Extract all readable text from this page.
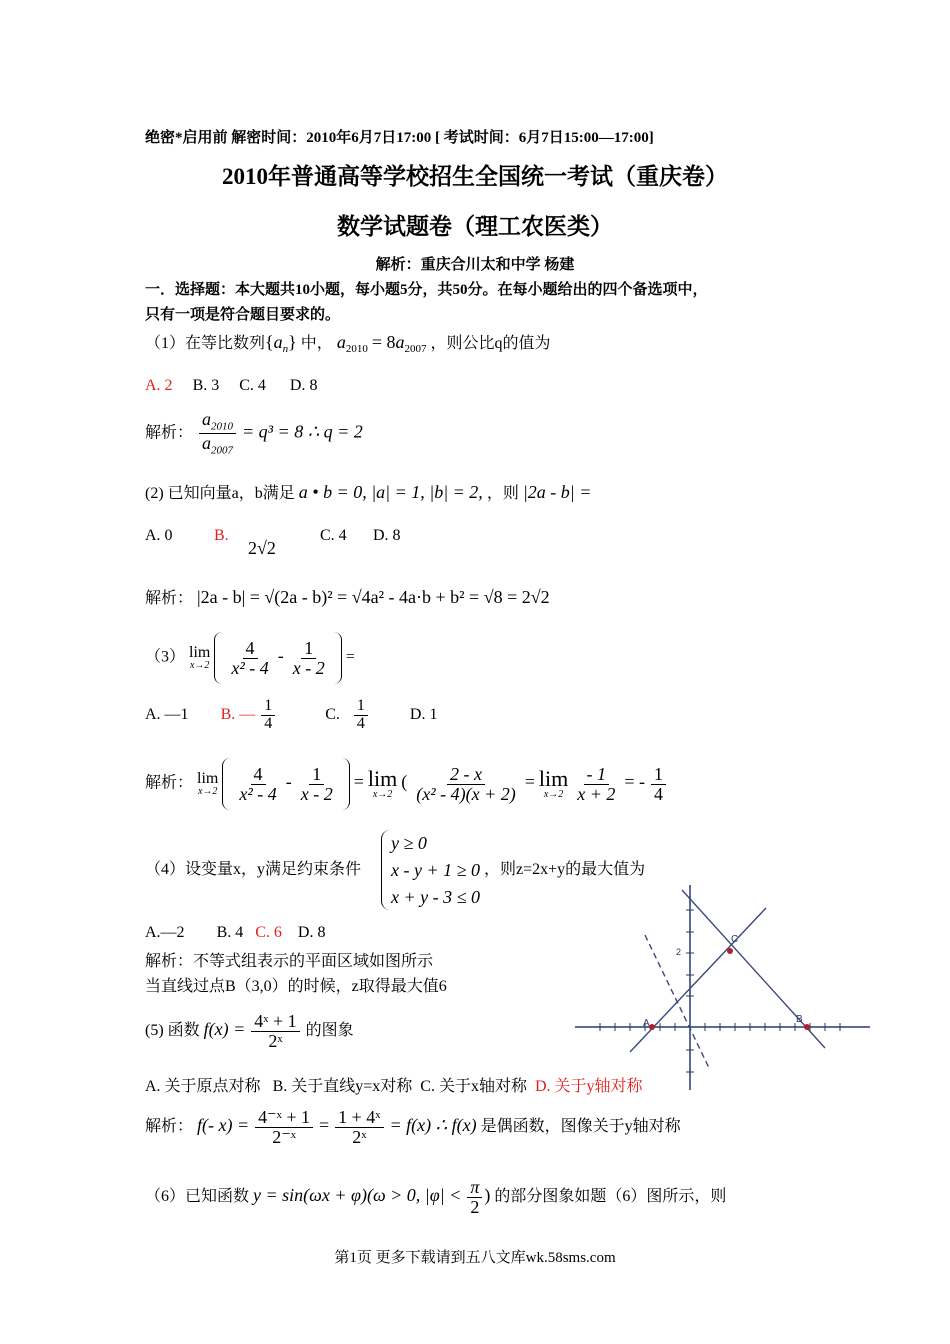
绝密*启用前 解密时间：2010年6月7日17:00 [ 考试时间：6月7日15:00—17:00]
2010年普通高等学校招生全国统一考试（重庆卷）
数学试题卷（理工农医类）
解析：重庆合川太和中学 杨建
一．选择题：本大题共10小题，每小题5分，共50分。在每小题给出的四个备选项中，
只有一项是符合题目要求的。
（1）在等比数列$\{a_n\}$ 中， $a_{2010} = 8a_{2007}$ ，则公比q的值为
A. 2 B. 3 C. 4 D. 8
解析： $\frac{a_{2010}}{a_{2007}} = q^3 = 8$ ∴ q = 2
(2) 已知向量a，b满足 a • b = 0, |a| = 1, |b| = 2, ，则 |2a - b| =
A. 0	B.
2√2
C. 4 D. 8
解析： |2a - b| = √(2a - b)² = √4a² - 4a·b + b² = √8 = 2√2
（3） lim
x→2
$\frac{4}{\text{x² - 4}} - \frac{1}{x - 2}$ =
A. —1 B. — $\frac{1}{4}$	C. $\frac{1}{4}$	D. 1
解析： lim
x→2
$\frac{4}{\text{x² - 4}} - \frac{1}{x - 2} = \lim$
x→2
( $\frac{2 - x}{\text{(x² - 4)(x + 2)}} = \lim$
x→2
$\frac{- 1}{x + 2}$ = - $\frac{1}{4}$
（4）设变量x，y满足约束条件
y ≥ 0
x - y + 1 ≥ 0
x + y - 3 ≤ 0
，则z=2x+y的最大值为
A.—2 B. 4 C. 6 D. 8
解析：不等式组表示的平面区域如图所示
当直线过点B（3,0）的时候，z取得最大值6
A	B
C
2
(5) 函数 $f(x) = \frac{\text{4ˣ + 1}}{\text{2ˣ}}$ 的图象
A. 关于原点对称 B. 关于直线y=x对称 C. 关于x轴对称 D. 关于y轴对称
解析： f(- $x) = \frac{\text{4⁻ˣ + 1}}{\text{2⁻ˣ}} = \frac{\text{1 + 4ˣ}}{\text{2ˣ}} = f(x)$ ∴ f(x) 是偶函数，图像关于y轴对称
（6）已知函数 y = sin(ωx + φ)(ω > 0, $|\varphi| < \frac{\pi}{2}$ ) 的部分图象如题（6）图所示，则
第1页 更多下载请到五八文库wk.58sms.com
